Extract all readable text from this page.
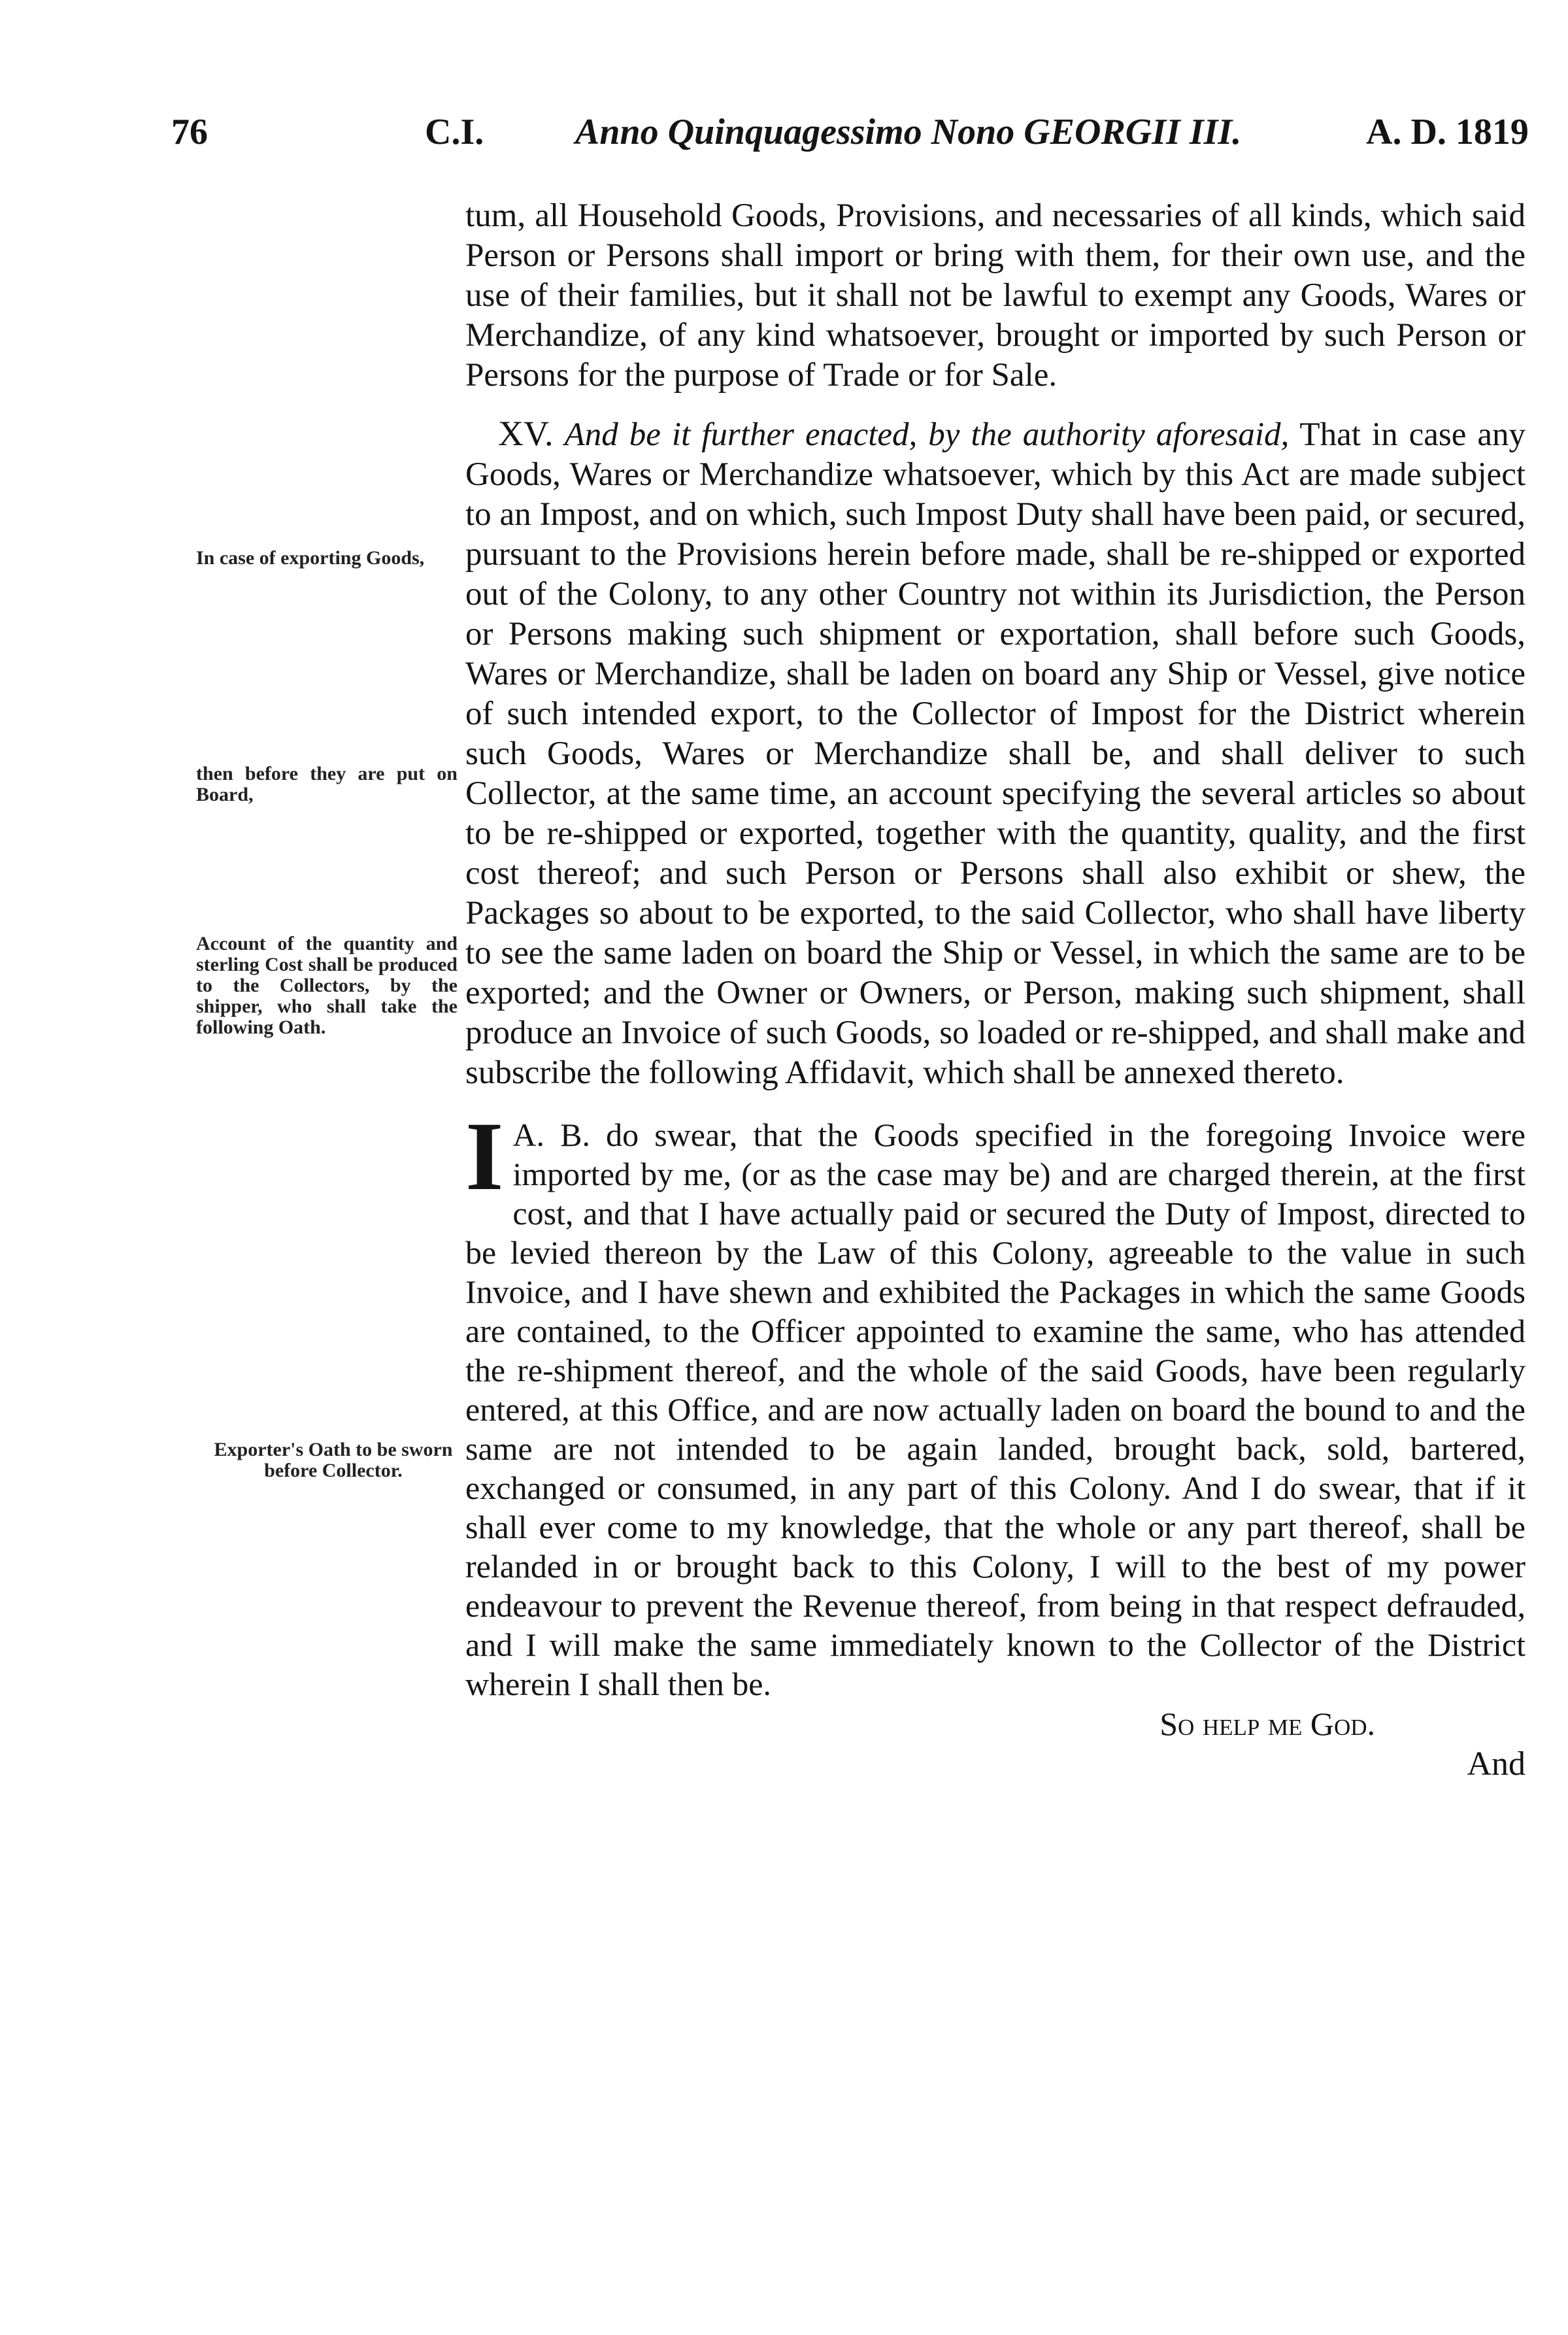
76	C.I. Anno Quinquagessimo Nono GEORGII III.	A. D. 1819
In case of exporting Goods,
then before they are put on Board,
Account of the quantity and sterling Cost shall be produced to the Collectors, by the shipper, who shall take the following Oath.
Exporter's Oath to be sworn before Collector.

tum, all Household Goods, Provisions, and necessaries of all kinds, which said Person or Persons shall import or bring with them, for their own use, and the use of their families, but it shall not be lawful to exempt any Goods, Wares or Merchandize, of any kind whatsoever, brought or imported by such Person or Persons for the purpose of Trade or for Sale.

XV. And be it further enacted, by the authority aforesaid, That in case any Goods, Wares or Merchandize whatsoever, which by this Act are made subject to an Impost, and on which, such Impost Duty shall have been paid, or secured, pursuant to the Provisions herein before made, shall be re-shipped or exported out of the Colony, to any other Country not within its Jurisdiction, the Person or Persons making such shipment or exportation, shall before such Goods, Wares or Merchandize, shall be laden on board any Ship or Vessel, give notice of such intended export, to the Collector of Impost for the District wherein such Goods, Wares or Merchandize shall be, and shall deliver to such Collector, at the same time, an account specifying the several articles so about to be re-shipped or exported, together with the quantity, quality, and the first cost thereof; and such Person or Persons shall also exhibit or shew, the Packages so about to be exported, to the said Collector, who shall have liberty to see the same laden on board the Ship or Vessel, in which the same are to be exported; and the Owner or Owners, or Person, making such shipment, shall produce an Invoice of such Goods, so loaded or re-shipped, and shall make and subscribe the following Affidavit, which shall be annexed thereto.

I A. B. do swear, that the Goods specified in the foregoing Invoice were imported by me, (or as the case may be) and are charged therein, at the first cost, and that I have actually paid or secured the Duty of Impost, directed to be levied thereon by the Law of this Colony, agreeable to the value in such Invoice, and I have shewn and exhibited the Packages in which the same Goods are contained, to the Officer appointed to examine the same, who has attended the re-shipment thereof, and the whole of the said Goods, have been regularly entered, at this Office, and are now actually laden on board the bound to and the same are not intended to be again landed, brought back, sold, bartered, exchanged or consumed, in any part of this Colony. And I do swear, that if it shall ever come to my knowledge, that the whole or any part thereof, shall be relanded in or brought back to this Colony, I will to the best of my power endeavour to prevent the Revenue thereof, from being in that respect defrauded, and I will make the same immediately known to the Collector of the District wherein I shall then be.

So help me God.

And
